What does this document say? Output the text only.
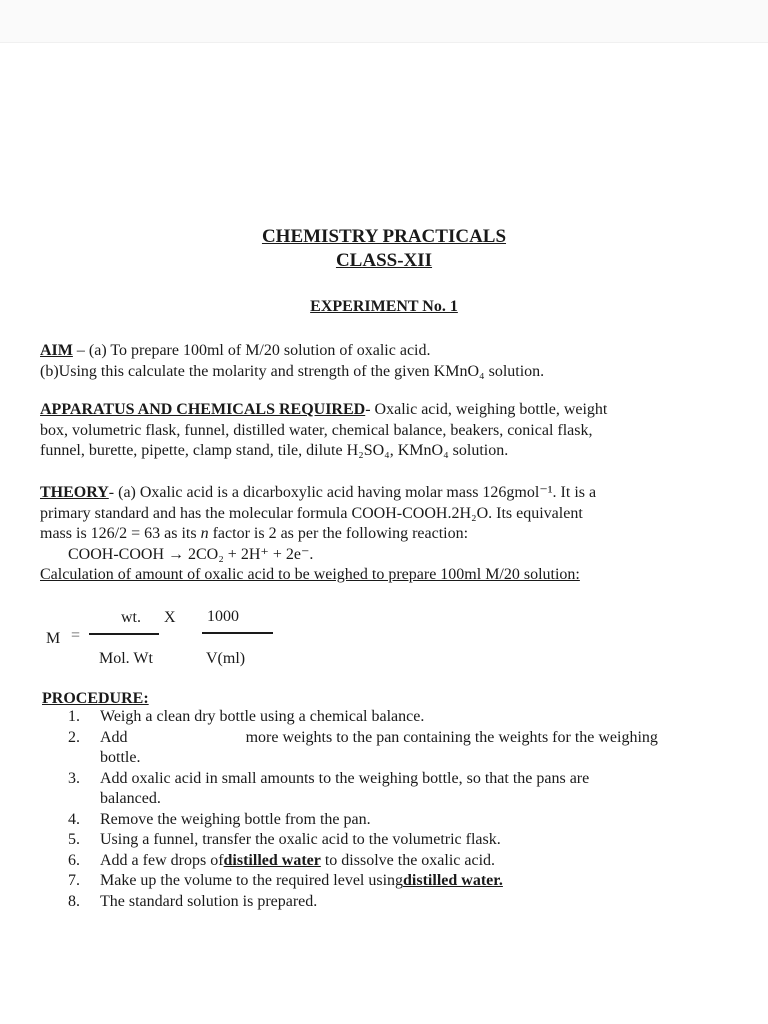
CHEMISTRY PRACTICALS
CLASS-XII
EXPERIMENT No. 1
AIM – (a) To prepare 100ml of M/20 solution of oxalic acid.
(b)Using this calculate the molarity and strength of the given KMnO₄ solution.
APPARATUS AND CHEMICALS REQUIRED- Oxalic acid, weighing bottle, weight
box, volumetric flask, funnel, distilled water, chemical balance, beakers, conical flask,
funnel, burette, pipette, clamp stand, tile, dilute H₂SO₄, KMnO₄ solution.
THEORY- (a) Oxalic acid is a dicarboxylic acid having molar mass 126gmol⁻¹. It is a
primary standard and has the molecular formula COOH-COOH.2H₂O. Its equivalent
mass is 126/2 = 63 as its n factor is 2 as per the following reaction:
COOH-COOH → 2CO₂ + 2H⁺ + 2e⁻.
Calculation of amount of oxalic acid to be weighed to prepare 100ml M/20 solution:
M =
wt. X 1000
Mol. Wt	V(ml)
PROCEDURE:
1. Weigh a clean dry bottle using a chemical balance.
2. Add	more weights to the pan containing the weights for the weighing
bottle.
3. Add oxalic acid in small amounts to the weighing bottle, so that the pans are
balanced.
4. Remove the weighing bottle from the pan.
5. Using a funnel, transfer the oxalic acid to the volumetric flask.
6. Add a few drops ofdistilled water to dissolve the oxalic acid.
7. Make up the volume to the required level usingdistilled water.
8. The standard solution is prepared.
